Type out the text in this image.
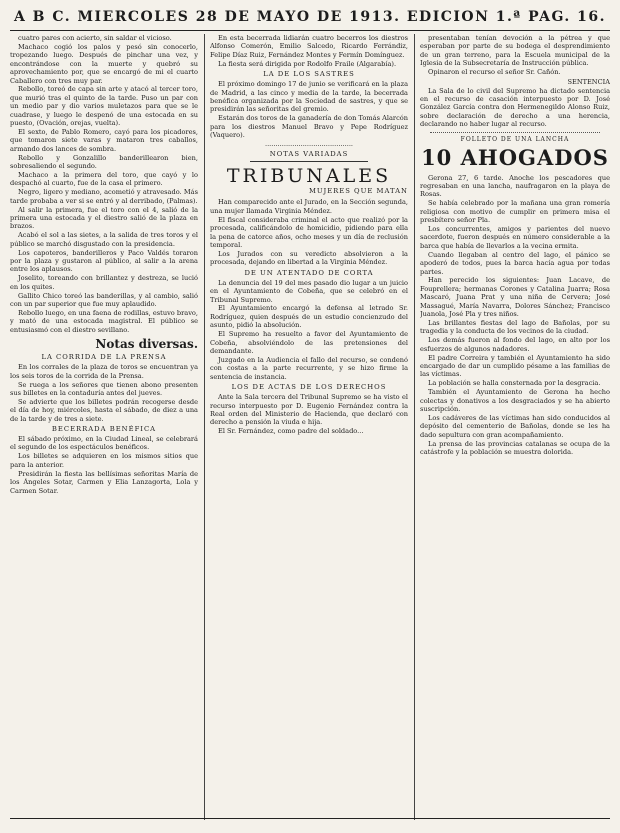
A B C. MIERCOLES 28 DE MAYO DE 1913. EDICION 1.ª PAG. 16.

cuatro pares con acierto, sin saldar el vicioso.

Machaco cogió los palos y pesó sin conocerlo, tropezando luego. Después de pinchar una vez, y encontrándose con la muerte y quebró su aprovechamiento por, que se encargó de mi el cuarto Caballero con tres muy par.

Rebollo, toreó de capa sin arte y atacó al tercer toro, que murió tras el quinto de la tarde. Puso un par con un medio par y dio varios muletazos para que se le cuadrase, y luego le despenó de una estocada en su puesto, (Ovación, orejas, vuelta).

El sexto, de Pablo Romero, cayó para los picadores, que tomaron siete varas y mataron tres caballos, armando dos lances de sombra.

Rebollo y Gonzalillo banderillearon bien, sobresaliendo el segundo.

Machaco a la primera del toro, que cayó y lo despachó al cuarto, fue de la casa el primero.

Negro, ligero y mediano, acometió y atravesado. Más tarde probaba a ver si se entró y al derribado, (Palmas).

Al salir la primera, fue el toro con el 4, salió de la primera una estocada y el diestro salió de la plaza en brazos.

Acabó el sol a las sietes, a la salida de tres toros y el público se marchó disgustado con la presidencia.

Los capoteros, banderilleros y Paco Valdés toraron por la plaza y gustaron al público, al salir a la arena entre los aplausos.

Joselito, toreando con brillantez y destreza, se lució en los quites.

Gallito Chico toreó las banderillas, y al cambio, salió con un par superior que fue muy aplaudido.

Rebollo luego, en una faena de rodillas, estuvo bravo, y mató de una estocada magistral. El público se entusiasmó con el diestro sevillano.

Notas diversas.
LA CORRIDA DE LA PRENSA

En los corrales de la plaza de toros se encuentran ya los seis toros de la corrida de la Prensa.

Se ruega a los señores que tienen abono presenten sus billetes en la contaduría antes del jueves.

Se advierte que los billetes podrán recogerse desde el día de hoy, miércoles, hasta el sábado, de diez a una de la tarde y de tres a siete.

BECERRADA BENÉFICA

El sábado próximo, en la Ciudad Lineal, se celebrará el segundo de los espectáculos benéficos.

Los billetes se adquieren en los mismos sitios que para la anterior.

Presidirán la fiesta las bellísimas señoritas María de los Ángeles Sotar, Carmen y Elia Lanzagorta, Lola y Carmen Sotar.

En esta becerrada lidiarán cuatro becerros los diestros Alfonso Comerón, Emilio Salcedo, Ricardo Ferrándiz, Felipe Díaz Ruiz, Fernández Montes y Fermín Domínguez.

La fiesta será dirigida por Rodolfo Fraile (Algarabía).

LA DE LOS SASTRES

El próximo domingo 17 de junio se verificará en la plaza de Madrid, a las cinco y media de la tarde, la becerrada benéfica organizada por la Sociedad de sastres, y que se presidirán las señoritas del gremio.

Estarán dos toros de la ganadería de don Tomás Alarcón para los diestros Manuel Bravo y Pepe Rodríguez (Vaquero).

..........................................
NOTAS VARIADAS
TRIBUNALES
MUJERES QUE MATAN

Han comparecido ante el Jurado, en la Sección segunda, una mujer llamada Virginia Méndez.

El fiscal consideraba criminal el acto que realizó por la procesada, calificándolo de homicidio, pidiendo para ella la pena de catorce años, ocho meses y un día de reclusión temporal.

Los Jurados con su veredicto absolvieron a la procesada, dejando en libertad a la Virginia Méndez.

DE UN ATENTADO DE CORTA

La denuncia del 19 del mes pasado dio lugar a un juicio en el Ayuntamiento de Cobeña, que se celebró en el Tribunal Supremo.

El Ayuntamiento encargó la defensa al letrado Sr. Rodríguez, quien después de un estudio concienzudo del asunto, pidió la absolución.

El Supremo ha resuelto a favor del Ayuntamiento de Cobeña, absolviéndolo de las pretensiones del demandante.

Juzgado en la Audiencia el fallo del recurso, se condenó con costas a la parte recurrente, y se hizo firme la sentencia de instancia.

LOS DE ACTAS DE LOS DERECHOS

Ante la Sala tercera del Tribunal Supremo se ha visto el recurso interpuesto por D. Eugenio Fernández contra la Real orden del Ministerio de Hacienda, que declaró con derecho a pensión la viuda e hija.

El Sr. Fernández, como padre del soldado...

presentaban tenían devoción a la pétrea y que esperaban por parte de su bodega el desprendimiento de un gran terreno, para la Escuela municipal de la Iglesia de la Subsecretaría de Instrucción pública.

Opinaron el recurso el señor Sr. Cañón.

SENTENCIA

La Sala de lo civil del Supremo ha dictado sentencia en el recurso de casación interpuesto por D. José González García contra don Hermenegildo Alonso Ruiz, sobre declaración de derecho a una herencia, declarando no haber lugar al recurso.

FOLLETO DE UNA LANCHA
10 AHOGADOS

Gerona 27, 6 tarde. Anoche los pescadores que regresaban en una lancha, naufragaron en la playa de Rosas.

Se había celebrado por la mañana una gran romería religiosa con motivo de cumplir en primera misa el presbítero señor Pla.

Los concurrentes, amigos y parientes del nuevo sacerdote, fueron después en número considerable a la barca que había de llevarlos a la vecina ermita.

Cuando llegaban al centro del lago, el pánico se apoderó de todos, pues la barca hacía agua por todas partes.

Han perecido los siguientes: Juan Lacave, de Fouprellera; hermanas Corones y Catalina Juarra; Rosa Mascaró, Juana Prat y una niña de Cervera; José Massagué, María Navarra, Dolores Sánchez; Francisco Juanola, José Pla y tres niños.

Las brillantes fiestas del lago de Bañolas, por su tragedia y la conducta de los vecinos de la ciudad.

Los demás fueron al fondo del lago, en alto por los esfuerzos de algunos nadadores.

El padre Correira y también el Ayuntamiento ha sido encargado de dar un cumplido pésame a las familias de las víctimas.

La población se halla consternada por la desgracia.

También el Ayuntamiento de Gerona ha hecho colectas y donativos a los desgraciados y se ha abierto suscripción.

Los cadáveres de las víctimas han sido conducidos al depósito del cementerio de Bañolas, donde se les ha dado sepultura con gran acompañamiento.

La prensa de las provincias catalanas se ocupa de la catástrofe y la población se muestra dolorida.
